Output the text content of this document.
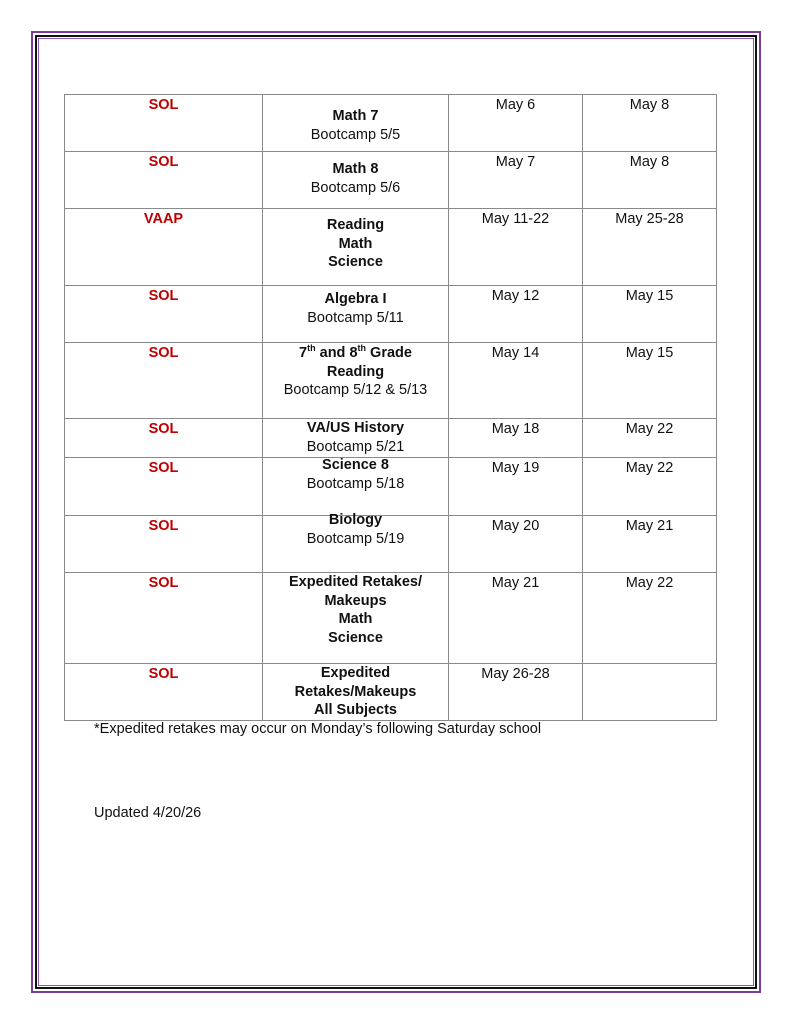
SOL	Math 7
Bootcamp 5/5	May 6	May 8
SOL	Math 8
Bootcamp 5/6	May 7	May 8
VAAP	Reading
Math
Science	May 11-22	May 25-28
SOL	Algebra I
Bootcamp 5/11	May 12	May 15
SOL	7th and 8th Grade
Reading
Bootcamp 5/12 & 5/13	May 14	May 15
SOL	VA/US History
Bootcamp 5/21	May 18	May 22
SOL	Science 8
Bootcamp 5/18	May 19	May 22
SOL	Biology
Bootcamp 5/19	May 20	May 21
SOL	Expedited Retakes/
Makeups
Math
Science	May 21	May 22
SOL	Expedited
Retakes/Makeups
All Subjects	May 26-28	
*Expedited retakes may occur on Monday’s following Saturday school
Updated 4/20/26
